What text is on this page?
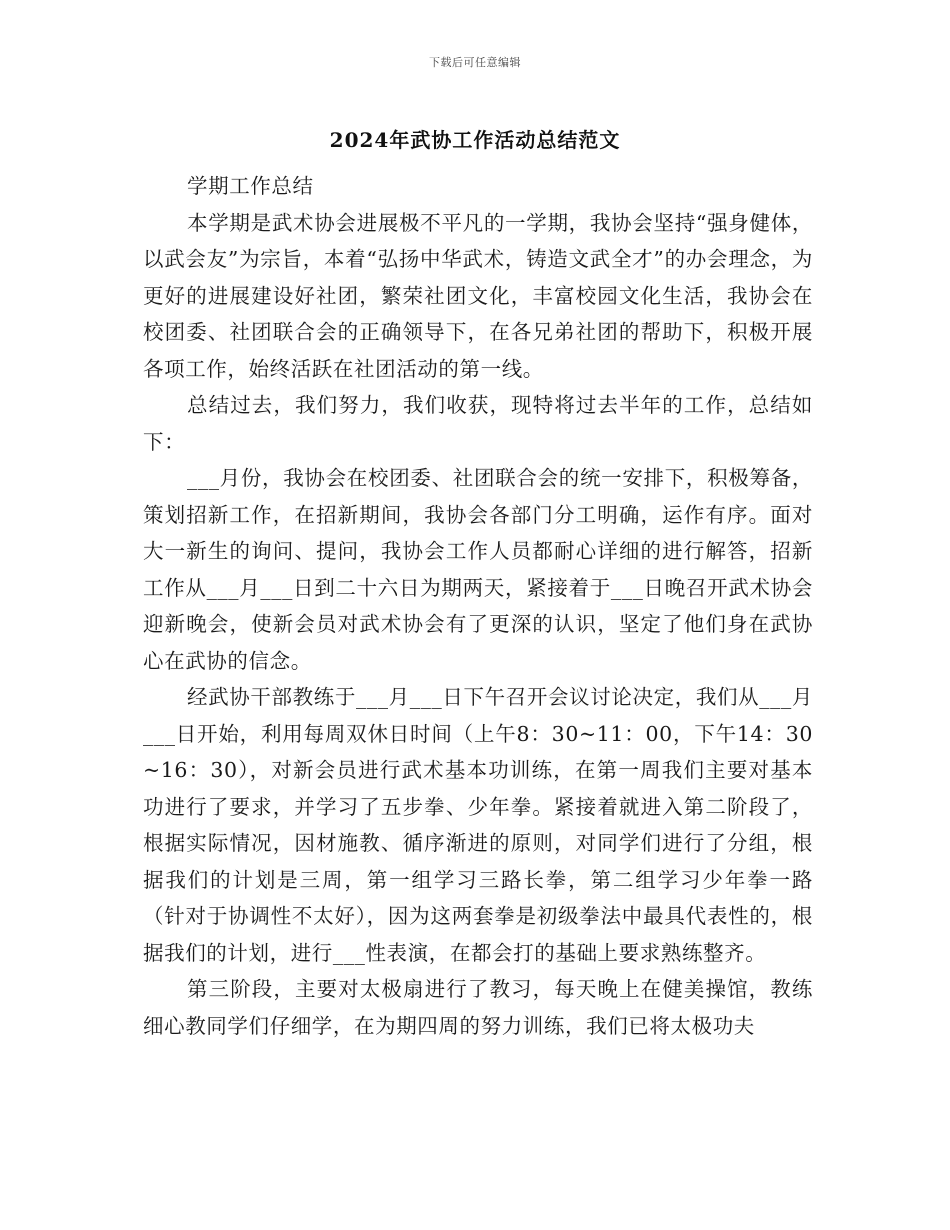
下载后可任意编辑
2024年武协工作活动总结范文

学期工作总结

本学期是武术协会进展极不平凡的一学期，我协会坚持“强身健体，以武会友”为宗旨，本着“弘扬中华武术，铸造文武全才”的办会理念，为更好的进展建设好社团，繁荣社团文化，丰富校园文化生活，我协会在校团委、社团联合会的正确领导下，在各兄弟社团的帮助下，积极开展各项工作，始终活跃在社团活动的第一线。

总结过去，我们努力，我们收获，现特将过去半年的工作，总结如下：

___月份，我协会在校团委、社团联合会的统一安排下，积极筹备，策划招新工作，在招新期间，我协会各部门分工明确，运作有序。面对大一新生的询问、提问，我协会工作人员都耐心详细的进行解答，招新工作从___月___日到二十六日为期两天，紧接着于___日晚召开武术协会迎新晚会，使新会员对武术协会有了更深的认识，坚定了他们身在武协心在武协的信念。

经武协干部教练于___月___日下午召开会议讨论决定，我们从___月___日开始，利用每周双休日时间（上午8：30~11：00，下午14：30~16：30），对新会员进行武术基本功训练，在第一周我们主要对基本功进行了要求，并学习了五步拳、少年拳。紧接着就进入第二阶段了，根据实际情况，因材施教、循序渐进的原则，对同学们进行了分组，根据我们的计划是三周，第一组学习三路长拳，第二组学习少年拳一路（针对于协调性不太好），因为这两套拳是初级拳法中最具代表性的，根据我们的计划，进行___性表演，在都会打的基础上要求熟练整齐。

第三阶段，主要对太极扇进行了教习，每天晚上在健美操馆，教练细心教同学们仔细学，在为期四周的努力训练，我们已将太极功夫
